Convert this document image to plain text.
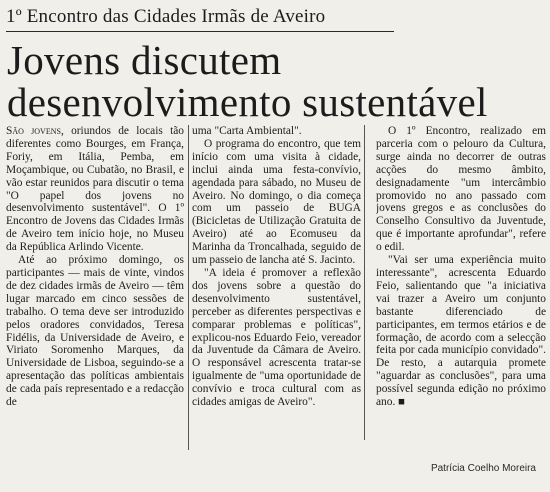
1º Encontro das Cidades Irmãs de Aveiro

Jovens discutem
desenvolvimento sustentável

São jovens, oriundos de locais tão diferentes como Bourges, em França, Foriy, em Itália, Pemba, em Moçambique, ou Cubatão, no Brasil, e vão estar reunidos para discutir o tema "O papel dos jovens no desenvolvimento sustentável". O 1º Encontro de Jovens das Cidades Irmãs de Aveiro tem início hoje, no Museu da República Arlindo Vicente.

Até ao próximo domingo, os participantes — mais de vinte, vindos de dez cidades irmãs de Aveiro — têm lugar marcado em cinco sessões de trabalho. O tema deve ser introduzido pelos oradores convidados, Teresa Fidélis, da Universidade de Aveiro, e Viriato Soromenho Marques, da Universidade de Lisboa, seguindo-se a apresentação das políticas ambientais de cada país representado e a redacção de

uma "Carta Ambiental".

O programa do encontro, que tem início com uma visita à cidade, inclui ainda uma festa-convívio, agendada para sábado, no Museu de Aveiro. No domingo, o dia começa com um passeio de BUGA (Bicicletas de Utilização Gratuita de Aveiro) até ao Ecomuseu da Marinha da Troncalhada, seguido de um passeio de lancha até S. Jacinto.

"A ideia é promover a reflexão dos jovens sobre a questão do desenvolvimento sustentável, perceber as diferentes perspectivas e comparar problemas e políticas", explicou-nos Eduardo Feio, vereador da Juventude da Câmara de Aveiro. O responsável acrescenta tratar-se igualmente de "uma oportunidade de convívio e troca cultural com as cidades amigas de Aveiro".

O 1º Encontro, realizado em parceria com o pelouro da Cultura, surge ainda no decorrer de outras acções do mesmo âmbito, designadamente "um intercâmbio promovido no ano passado com jovens gregos e as conclusões do Conselho Consultivo da Juventude, que é importante aprofundar", refere o edil.

"Vai ser uma experiência muito interessante", acrescenta Eduardo Feio, salientando que "a iniciativa vai trazer a Aveiro um conjunto bastante diferenciado de participantes, em termos etários e de formação, de acordo com a selecção feita por cada município convidado". De resto, a autarquia promete "aguardar as conclusões", para uma possível segunda edição no próximo ano. ■

Patrícia Coelho Moreira
